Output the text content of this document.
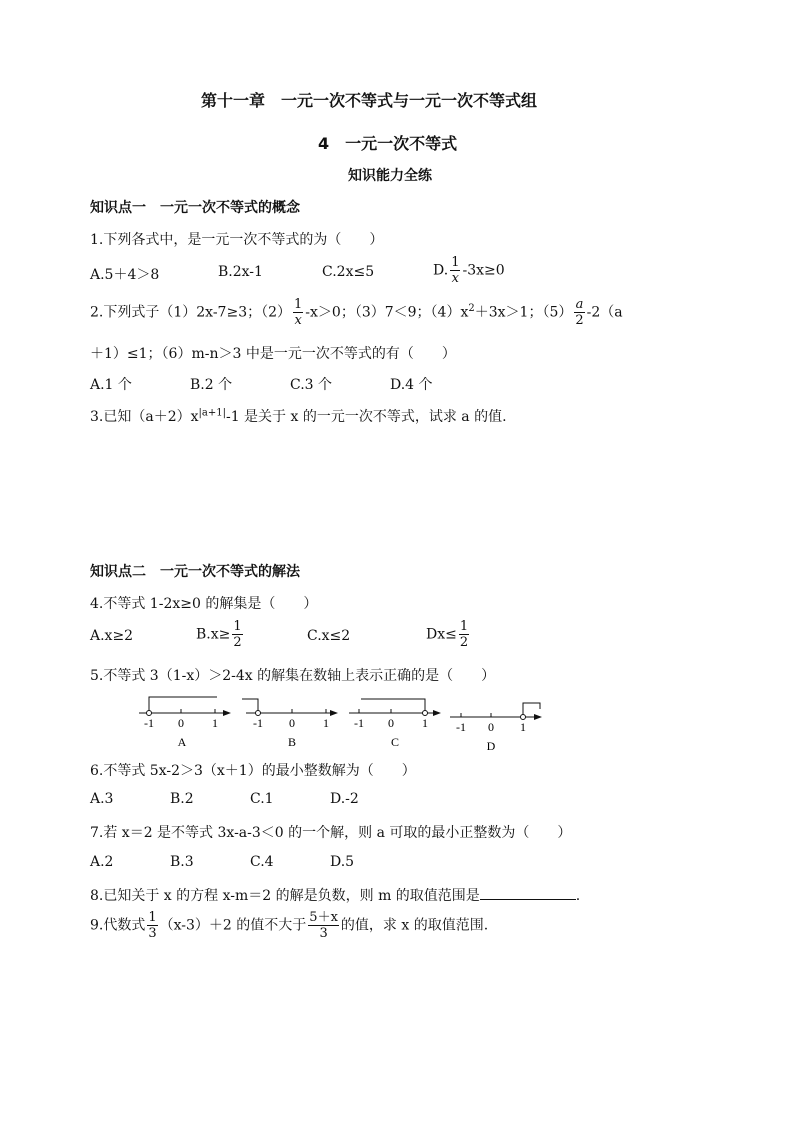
第十一章　一元一次不等式与一元一次不等式组
4　一元一次不等式
知识能力全练
知识点一　一元一次不等式的概念
1.下列各式中，是一元一次不等式的为（　　）
A.5＋4＞8	B.2x-1	C.2x≤5	D. $\frac{1}{x} -3x\ge 0$
2.下列式子（1）2x-7≥3；$(2) \frac{1}{x} -x>0$；（3）7＜9；$(4)x^2+3x>1$；$(5) \frac{a}{2} -2(a$
＋1）≤1；（6）m-n＞3 中是一元一次不等式的有（　　）
A.1 个	B.2 个	C.3 个	D.4 个
3.已知$(a+2)x^{|a+1|}-1$ 是关于 x 的一元一次不等式，试求 a 的值.
知识点二　一元一次不等式的解法
4.不等式 1-2x≥0 的解集是（　　）
A.x≥2	$B.x\ge \frac{1}{2}$	C.x≤2	$Dx\le \frac{1}{2}$
5.不等式 3（1-x）＞2-4x 的解集在数轴上表示正确的是（　　）
-1 0 1
A
-1 0 1
B
-1 0 1
C
-1 0 1
D
6.不等式 5x-2＞3（x＋1）的最小整数解为（　　）
A.3	B.2	C.1	D.-2
7.若 x＝2 是不等式 3x-a-3＜0 的一个解，则 a 可取的最小正整数为（　　）
A.2	B.3	C.4	D.5
8.已知关于 x 的方程 x-m＝2 的解是负数，则 m 的取值范围是	.
9.代数式 $\frac{1}{3} (x-3)+2$ 的值不大于 $\frac{5+x}{3}$ 的值，求 x 的取值范围.
